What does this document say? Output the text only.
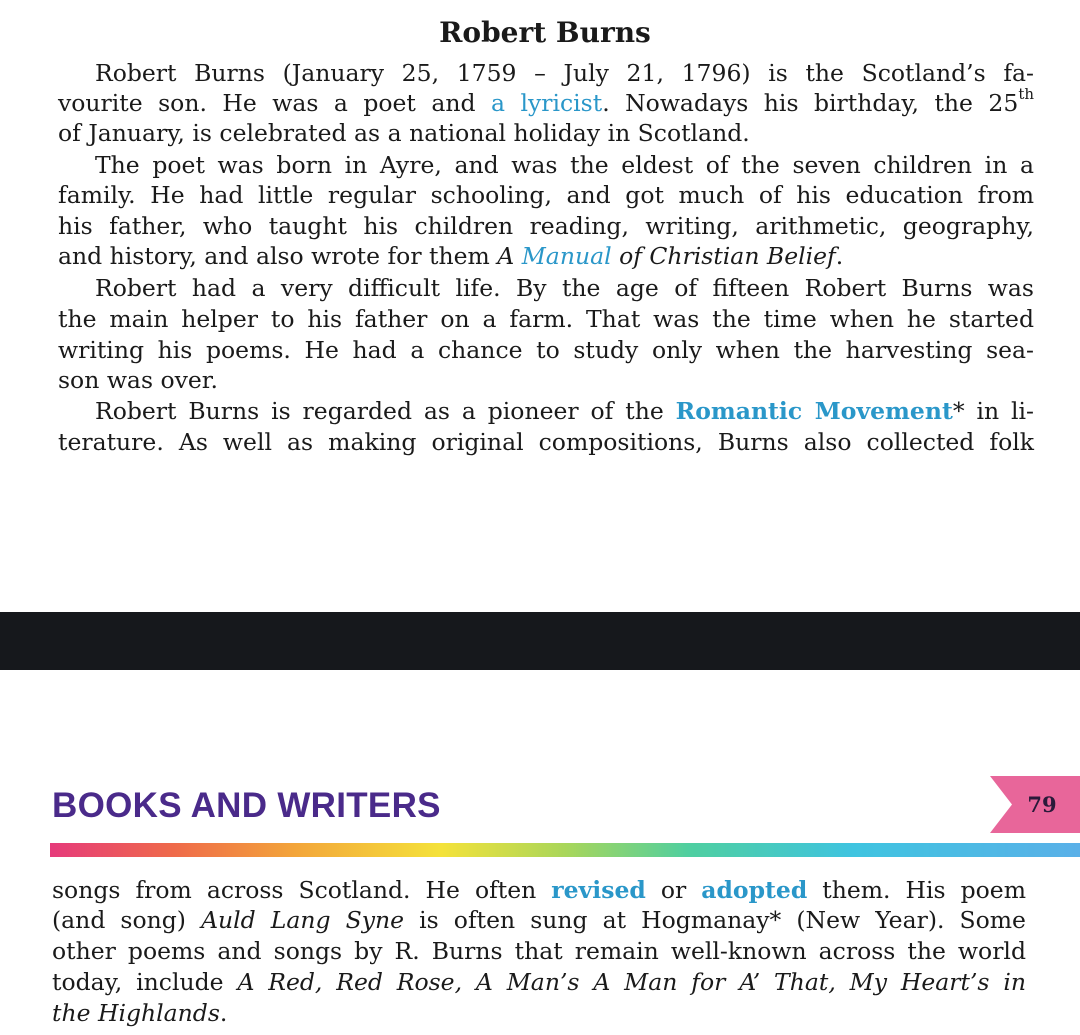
Robert Burns
Robert Burns (January 25, 1759 – July 21, 1796) is the Scotland’s fa-
vourite son. He was a poet and a lyricist. Nowadays his birthday, the 25th
of January, is celebrated as a national holiday in Scotland.
The poet was born in Ayre, and was the eldest of the seven children in a
family. He had little regular schooling, and got much of his education from
his father, who taught his children reading, writing, arithmetic, geography,
and history, and also wrote for them A Manual of Christian Belief.
Robert had a very difficult life. By the age of fifteen Robert Burns was
the main helper to his father on a farm. That was the time when he started
writing his poems. He had a chance to study only when the harvesting sea-
son was over.
Robert Burns is regarded as a pioneer of the Romantic Movement* in li-
terature. As well as making original compositions, Burns also collected folk
BOOKS AND WRITERS	79
songs from across Scotland. He often revised or adopted them. His poem
(and song) Auld Lang Syne is often sung at Hogmanay* (New Year). Some
other poems and songs by R. Burns that remain well-known across the world
today, include A Red, Red Rose, A Man’s A Man for A’ That, My Heart’s in
the Highlands.
